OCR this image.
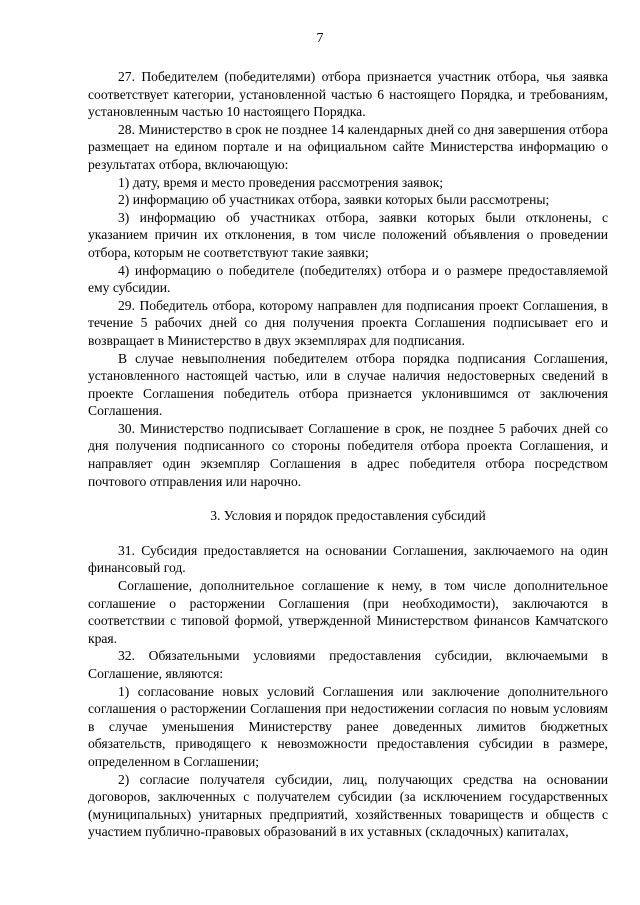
7

27. Победителем (победителями) отбора признается участник отбора, чья заявка соответствует категории, установленной частью 6 настоящего Порядка, и требованиям, установленным частью 10 настоящего Порядка.

28. Министерство в срок не позднее 14 календарных дней со дня завершения отбора размещает на едином портале и на официальном сайте Министерства информацию о результатах отбора, включающую:

1) дату, время и место проведения рассмотрения заявок;

2) информацию об участниках отбора, заявки которых были рассмотрены;

3) информацию об участниках отбора, заявки которых были отклонены, с указанием причин их отклонения, в том числе положений объявления о проведении отбора, которым не соответствуют такие заявки;

4) информацию о победителе (победителях) отбора и о размере предоставляемой ему субсидии.

29. Победитель отбора, которому направлен для подписания проект Соглашения, в течение 5 рабочих дней со дня получения проекта Соглашения подписывает его и возвращает в Министерство в двух экземплярах для подписания.

В случае невыполнения победителем отбора порядка подписания Соглашения, установленного настоящей частью, или в случае наличия недостоверных сведений в проекте Соглашения победитель отбора признается уклонившимся от заключения Соглашения.

30. Министерство подписывает Соглашение в срок, не позднее 5 рабочих дней со дня получения подписанного со стороны победителя отбора проекта Соглашения, и направляет один экземпляр Соглашения в адрес победителя отбора посредством почтового отправления или нарочно.

3. Условия и порядок предоставления субсидий

31. Субсидия предоставляется на основании Соглашения, заключаемого на один финансовый год.

Соглашение, дополнительное соглашение к нему, в том числе дополнительное соглашение о расторжении Соглашения (при необходимости), заключаются в соответствии с типовой формой, утвержденной Министерством финансов Камчатского края.

32. Обязательными условиями предоставления субсидии, включаемыми в Соглашение, являются:

1) согласование новых условий Соглашения или заключение дополнительного соглашения о расторжении Соглашения при недостижении согласия по новым условиям в случае уменьшения Министерству ранее доведенных лимитов бюджетных обязательств, приводящего к невозможности предоставления субсидии в размере, определенном в Соглашении;

2) согласие получателя субсидии, лиц, получающих средства на основании договоров, заключенных с получателем субсидии (за исключением государственных (муниципальных) унитарных предприятий, хозяйственных товариществ и обществ с участием публично-правовых образований в их уставных (складочных) капиталах,
